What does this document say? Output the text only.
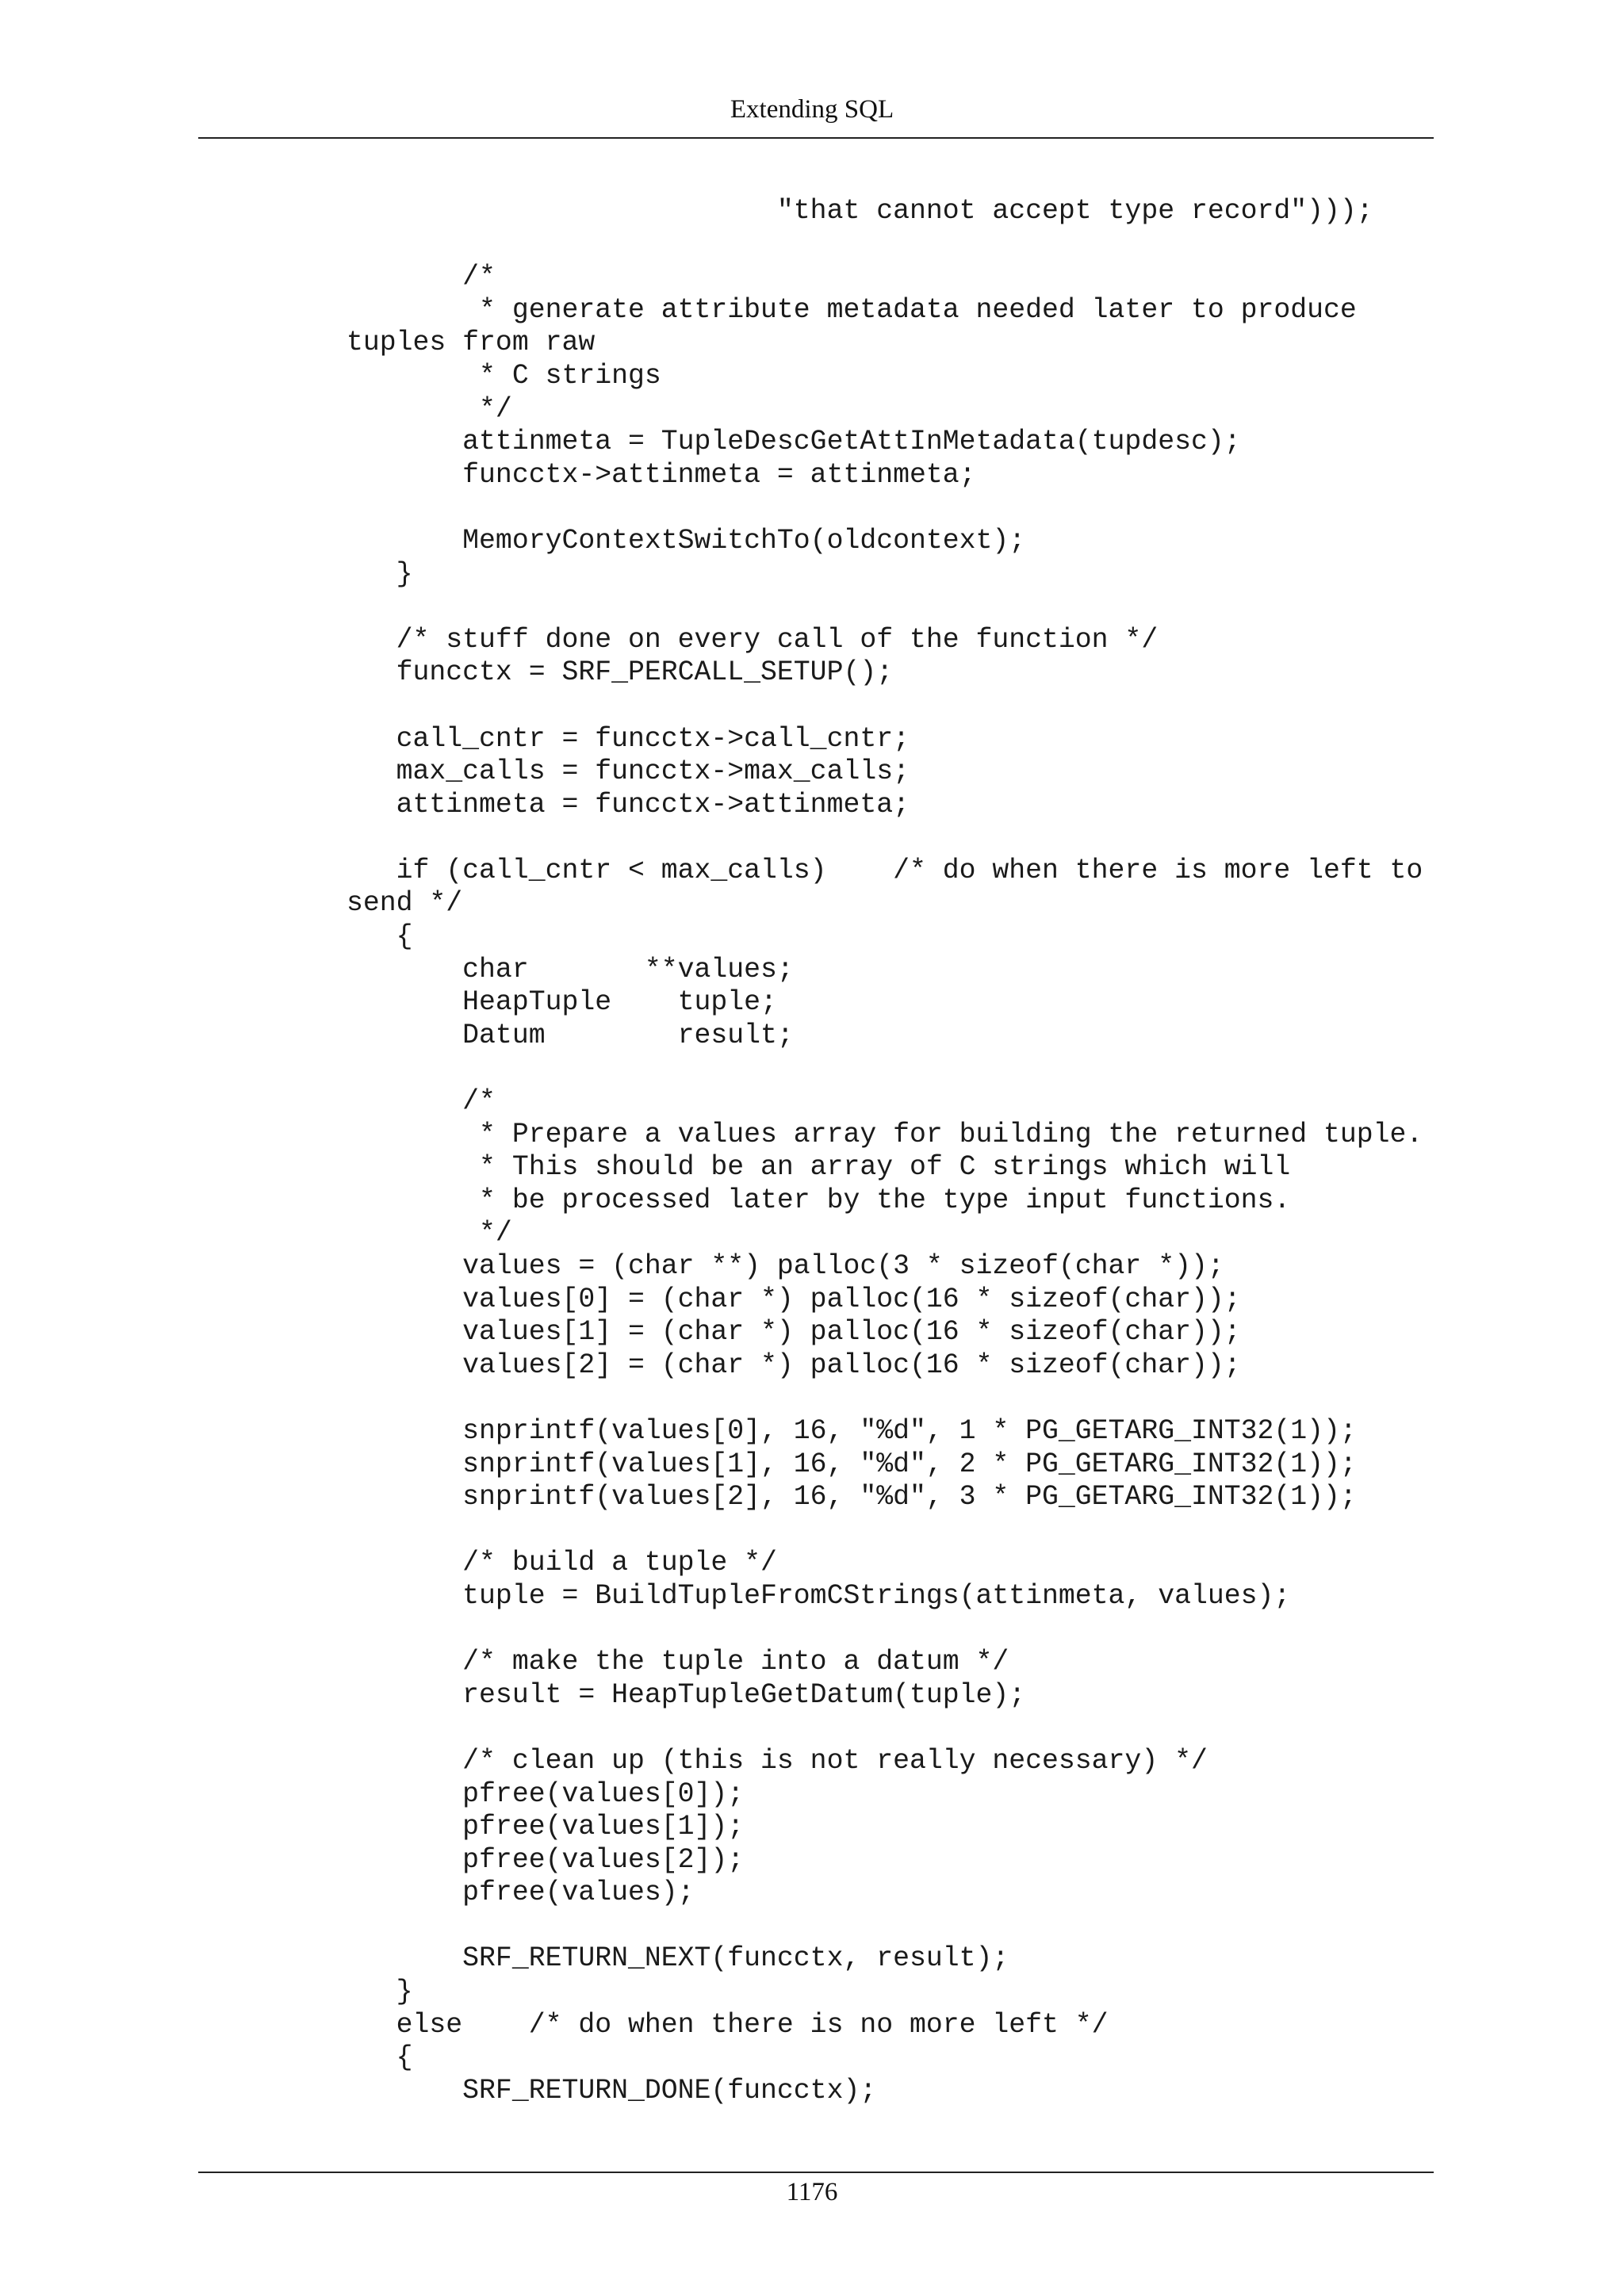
Extending SQL
"that cannot accept type record")));

/*
* generate attribute metadata needed later to produce
tuples from raw
* C strings
*/
attinmeta = TupleDescGetAttInMetadata(tupdesc);
funcctx->attinmeta = attinmeta;

MemoryContextSwitchTo(oldcontext);
}

/* stuff done on every call of the function */
funcctx = SRF_PERCALL_SETUP();

call_cntr = funcctx->call_cntr;
max_calls = funcctx->max_calls;
attinmeta = funcctx->attinmeta;

if (call_cntr < max_calls)    /* do when there is more left to
send */
{
char       **values;
HeapTuple    tuple;
Datum        result;

/*
* Prepare a values array for building the returned tuple.
* This should be an array of C strings which will
* be processed later by the type input functions.
*/
values = (char **) palloc(3 * sizeof(char *));
values[0] = (char *) palloc(16 * sizeof(char));
values[1] = (char *) palloc(16 * sizeof(char));
values[2] = (char *) palloc(16 * sizeof(char));

snprintf(values[0], 16, "%d", 1 * PG_GETARG_INT32(1));
snprintf(values[1], 16, "%d", 2 * PG_GETARG_INT32(1));
snprintf(values[2], 16, "%d", 3 * PG_GETARG_INT32(1));

/* build a tuple */
tuple = BuildTupleFromCStrings(attinmeta, values);

/* make the tuple into a datum */
result = HeapTupleGetDatum(tuple);

/* clean up (this is not really necessary) */
pfree(values[0]);
pfree(values[1]);
pfree(values[2]);
pfree(values);

SRF_RETURN_NEXT(funcctx, result);
}
else    /* do when there is no more left */
{
SRF_RETURN_DONE(funcctx);
1176
